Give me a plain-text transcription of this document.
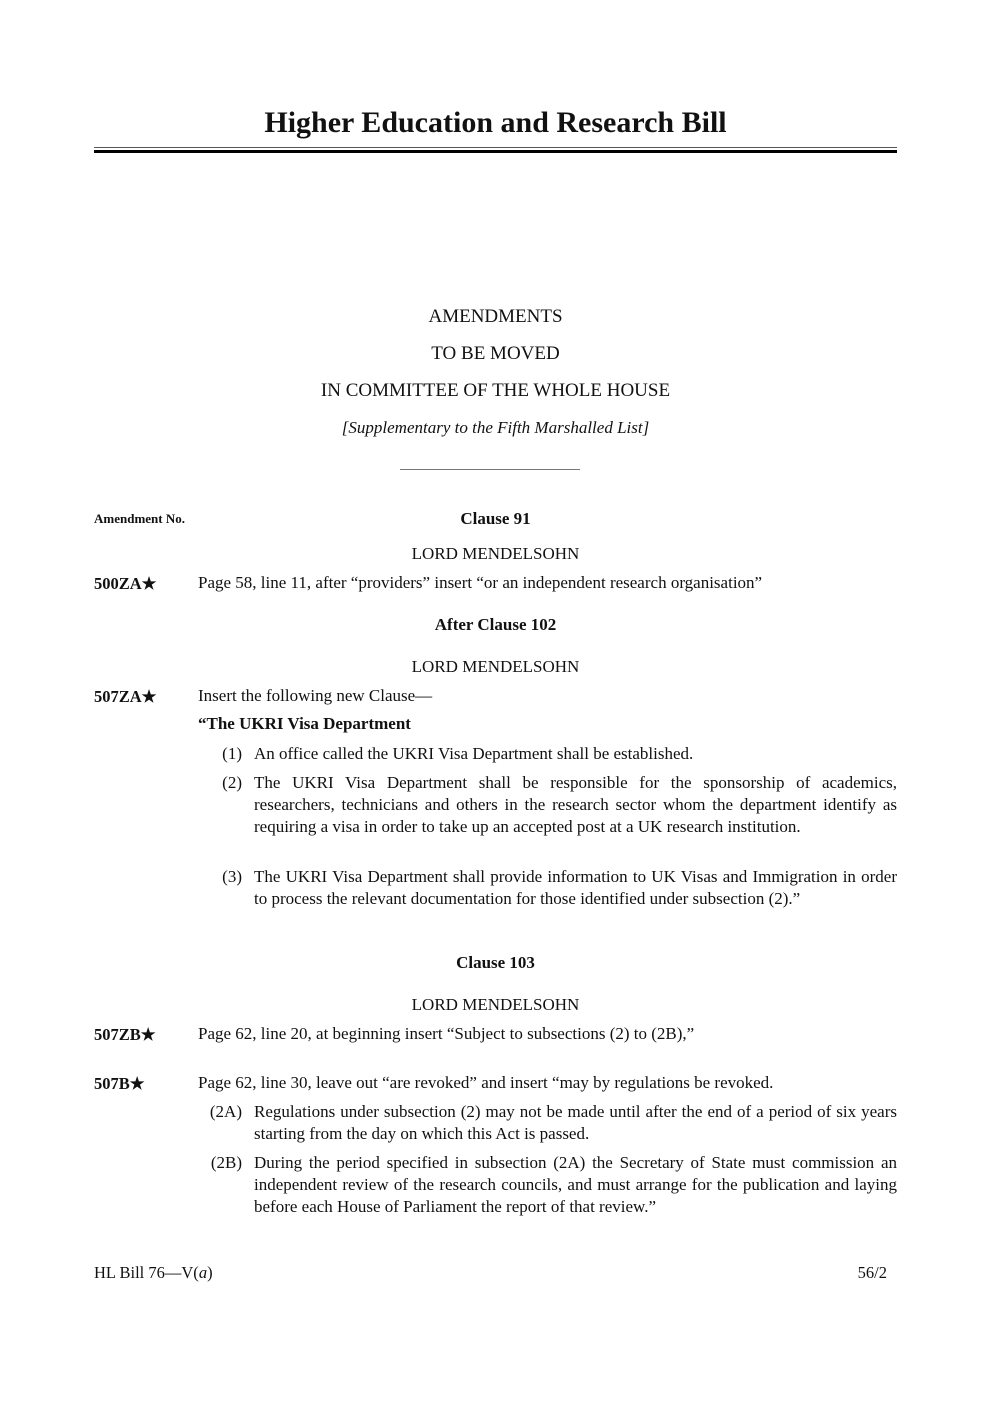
Higher Education and Research Bill
AMENDMENTS
TO BE MOVED
IN COMMITTEE OF THE WHOLE HOUSE
[Supplementary to the Fifth Marshalled List]
Amendment No.	Clause 91
LORD MENDELSOHN
500ZA★ Page 58, line 11, after “providers” insert “or an independent research organisation”
After Clause 102
LORD MENDELSOHN
507ZA★ Insert the following new Clause—
“The UKRI Visa Department
(1) An office called the UKRI Visa Department shall be established.
(2) The UKRI Visa Department shall be responsible for the sponsorship of academics, researchers, technicians and others in the research sector whom the department identify as requiring a visa in order to take up an accepted post at a UK research institution.
(3) The UKRI Visa Department shall provide information to UK Visas and Immigration in order to process the relevant documentation for those identified under subsection (2).”
Clause 103
LORD MENDELSOHN
507ZB★ Page 62, line 20, at beginning insert “Subject to subsections (2) to (2B),”
507B★	Page 62, line 30, leave out “are revoked” and insert “may by regulations be revoked.
(2A) Regulations under subsection (2) may not be made until after the end of a period of six years starting from the day on which this Act is passed.
(2B) During the period specified in subsection (2A) the Secretary of State must commission an independent review of the research councils, and must arrange for the publication and laying before each House of Parliament the report of that review.”
HL Bill 76—V(a)	56/2
